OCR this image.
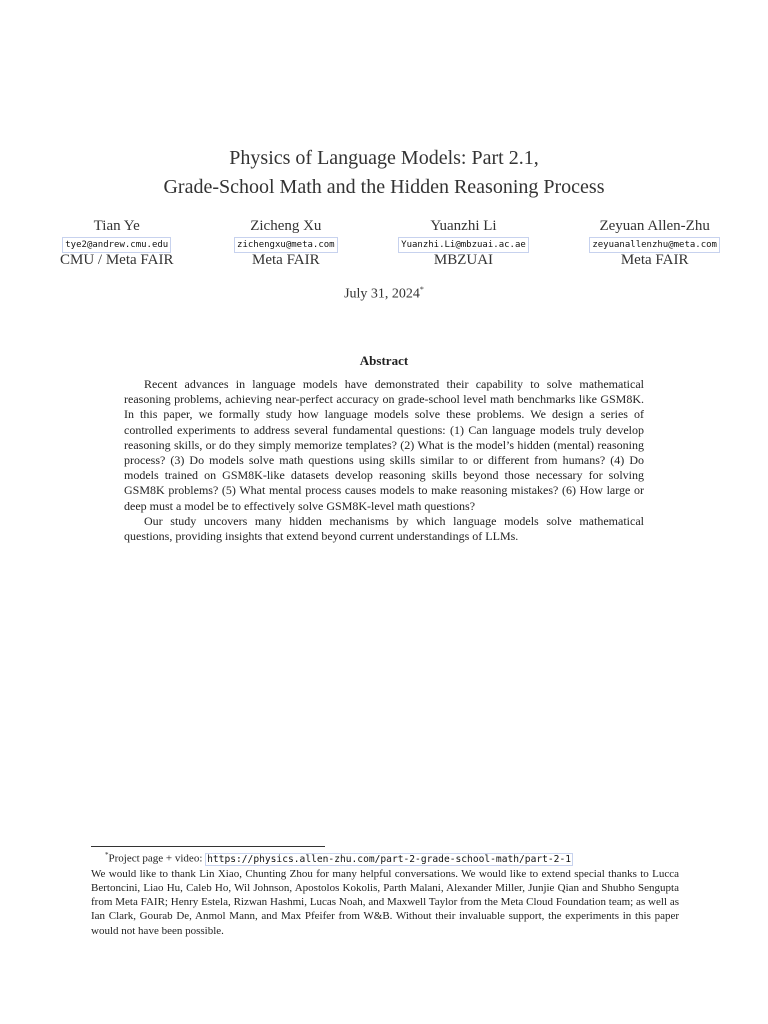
Physics of Language Models: Part 2.1,
Grade-School Math and the Hidden Reasoning Process
Tian Ye
tye2@andrew.cmu.edu
CMU / Meta FAIR
Zicheng Xu
zichengxu@meta.com
Meta FAIR
Yuanzhi Li
Yuanzhi.Li@mbzuai.ac.ae
MBZUAI
Zeyuan Allen-Zhu
zeyuanallenzhu@meta.com
Meta FAIR
July 31, 2024*
Abstract

Recent advances in language models have demonstrated their capability to solve mathematical reasoning problems, achieving near-perfect accuracy on grade-school level math benchmarks like GSM8K. In this paper, we formally study how language models solve these problems. We design a series of controlled experiments to address several fundamental questions: (1) Can language models truly develop reasoning skills, or do they simply memorize templates? (2) What is the model’s hidden (mental) reasoning process? (3) Do models solve math questions using skills similar to or different from humans? (4) Do models trained on GSM8K-like datasets develop reasoning skills beyond those necessary for solving GSM8K problems? (5) What mental process causes models to make reasoning mistakes? (6) How large or deep must a model be to effectively solve GSM8K-level math questions?

Our study uncovers many hidden mechanisms by which language models solve mathematical questions, providing insights that extend beyond current understandings of LLMs.

*Project page + video: https://physics.allen-zhu.com/part-2-grade-school-math/part-2-1

We would like to thank Lin Xiao, Chunting Zhou for many helpful conversations. We would like to extend special thanks to Lucca Bertoncini, Liao Hu, Caleb Ho, Wil Johnson, Apostolos Kokolis, Parth Malani, Alexander Miller, Junjie Qian and Shubho Sengupta from Meta FAIR; Henry Estela, Rizwan Hashmi, Lucas Noah, and Maxwell Taylor from the Meta Cloud Foundation team; as well as Ian Clark, Gourab De, Anmol Mann, and Max Pfeifer from W&B. Without their invaluable support, the experiments in this paper would not have been possible.
